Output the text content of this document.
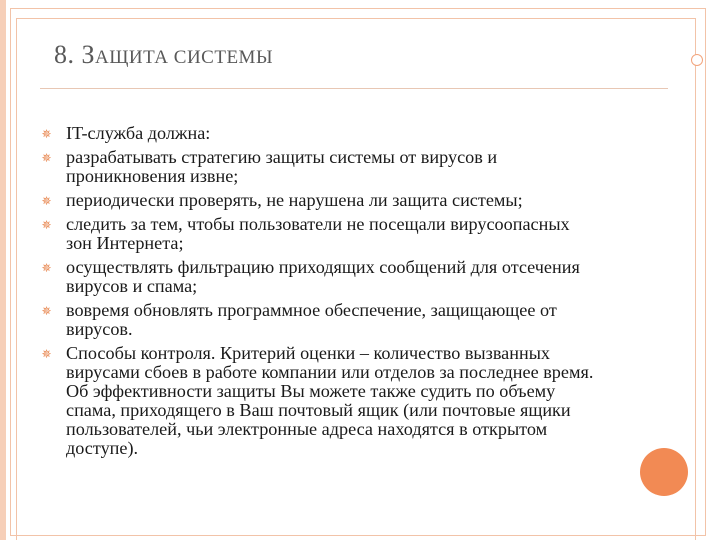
8. ЗАЩИТА СИСТЕМЫ
✵ IT-служба должна:
✵ разрабатывать стратегию защиты системы от вирусов и проникновения извне;
✵ периодически проверять, не нарушена ли защита системы;
✵ следить за тем, чтобы пользователи не посещали вирусоопасных зон Интернета;
✵ осуществлять фильтрацию приходящих сообщений для отсечения вирусов и спама;
✵ вовремя обновлять программное обеспечение, защищающее от вирусов.
✵ Способы контроля. Критерий оценки – количество вызванных вирусами сбоев в работе компании или отделов за последнее время. Об эффективности защиты Вы можете также судить по объему спама, приходящего в Ваш почтовый ящик (или почтовые ящики пользователей, чьи электронные адреса находятся в открытом доступе).
